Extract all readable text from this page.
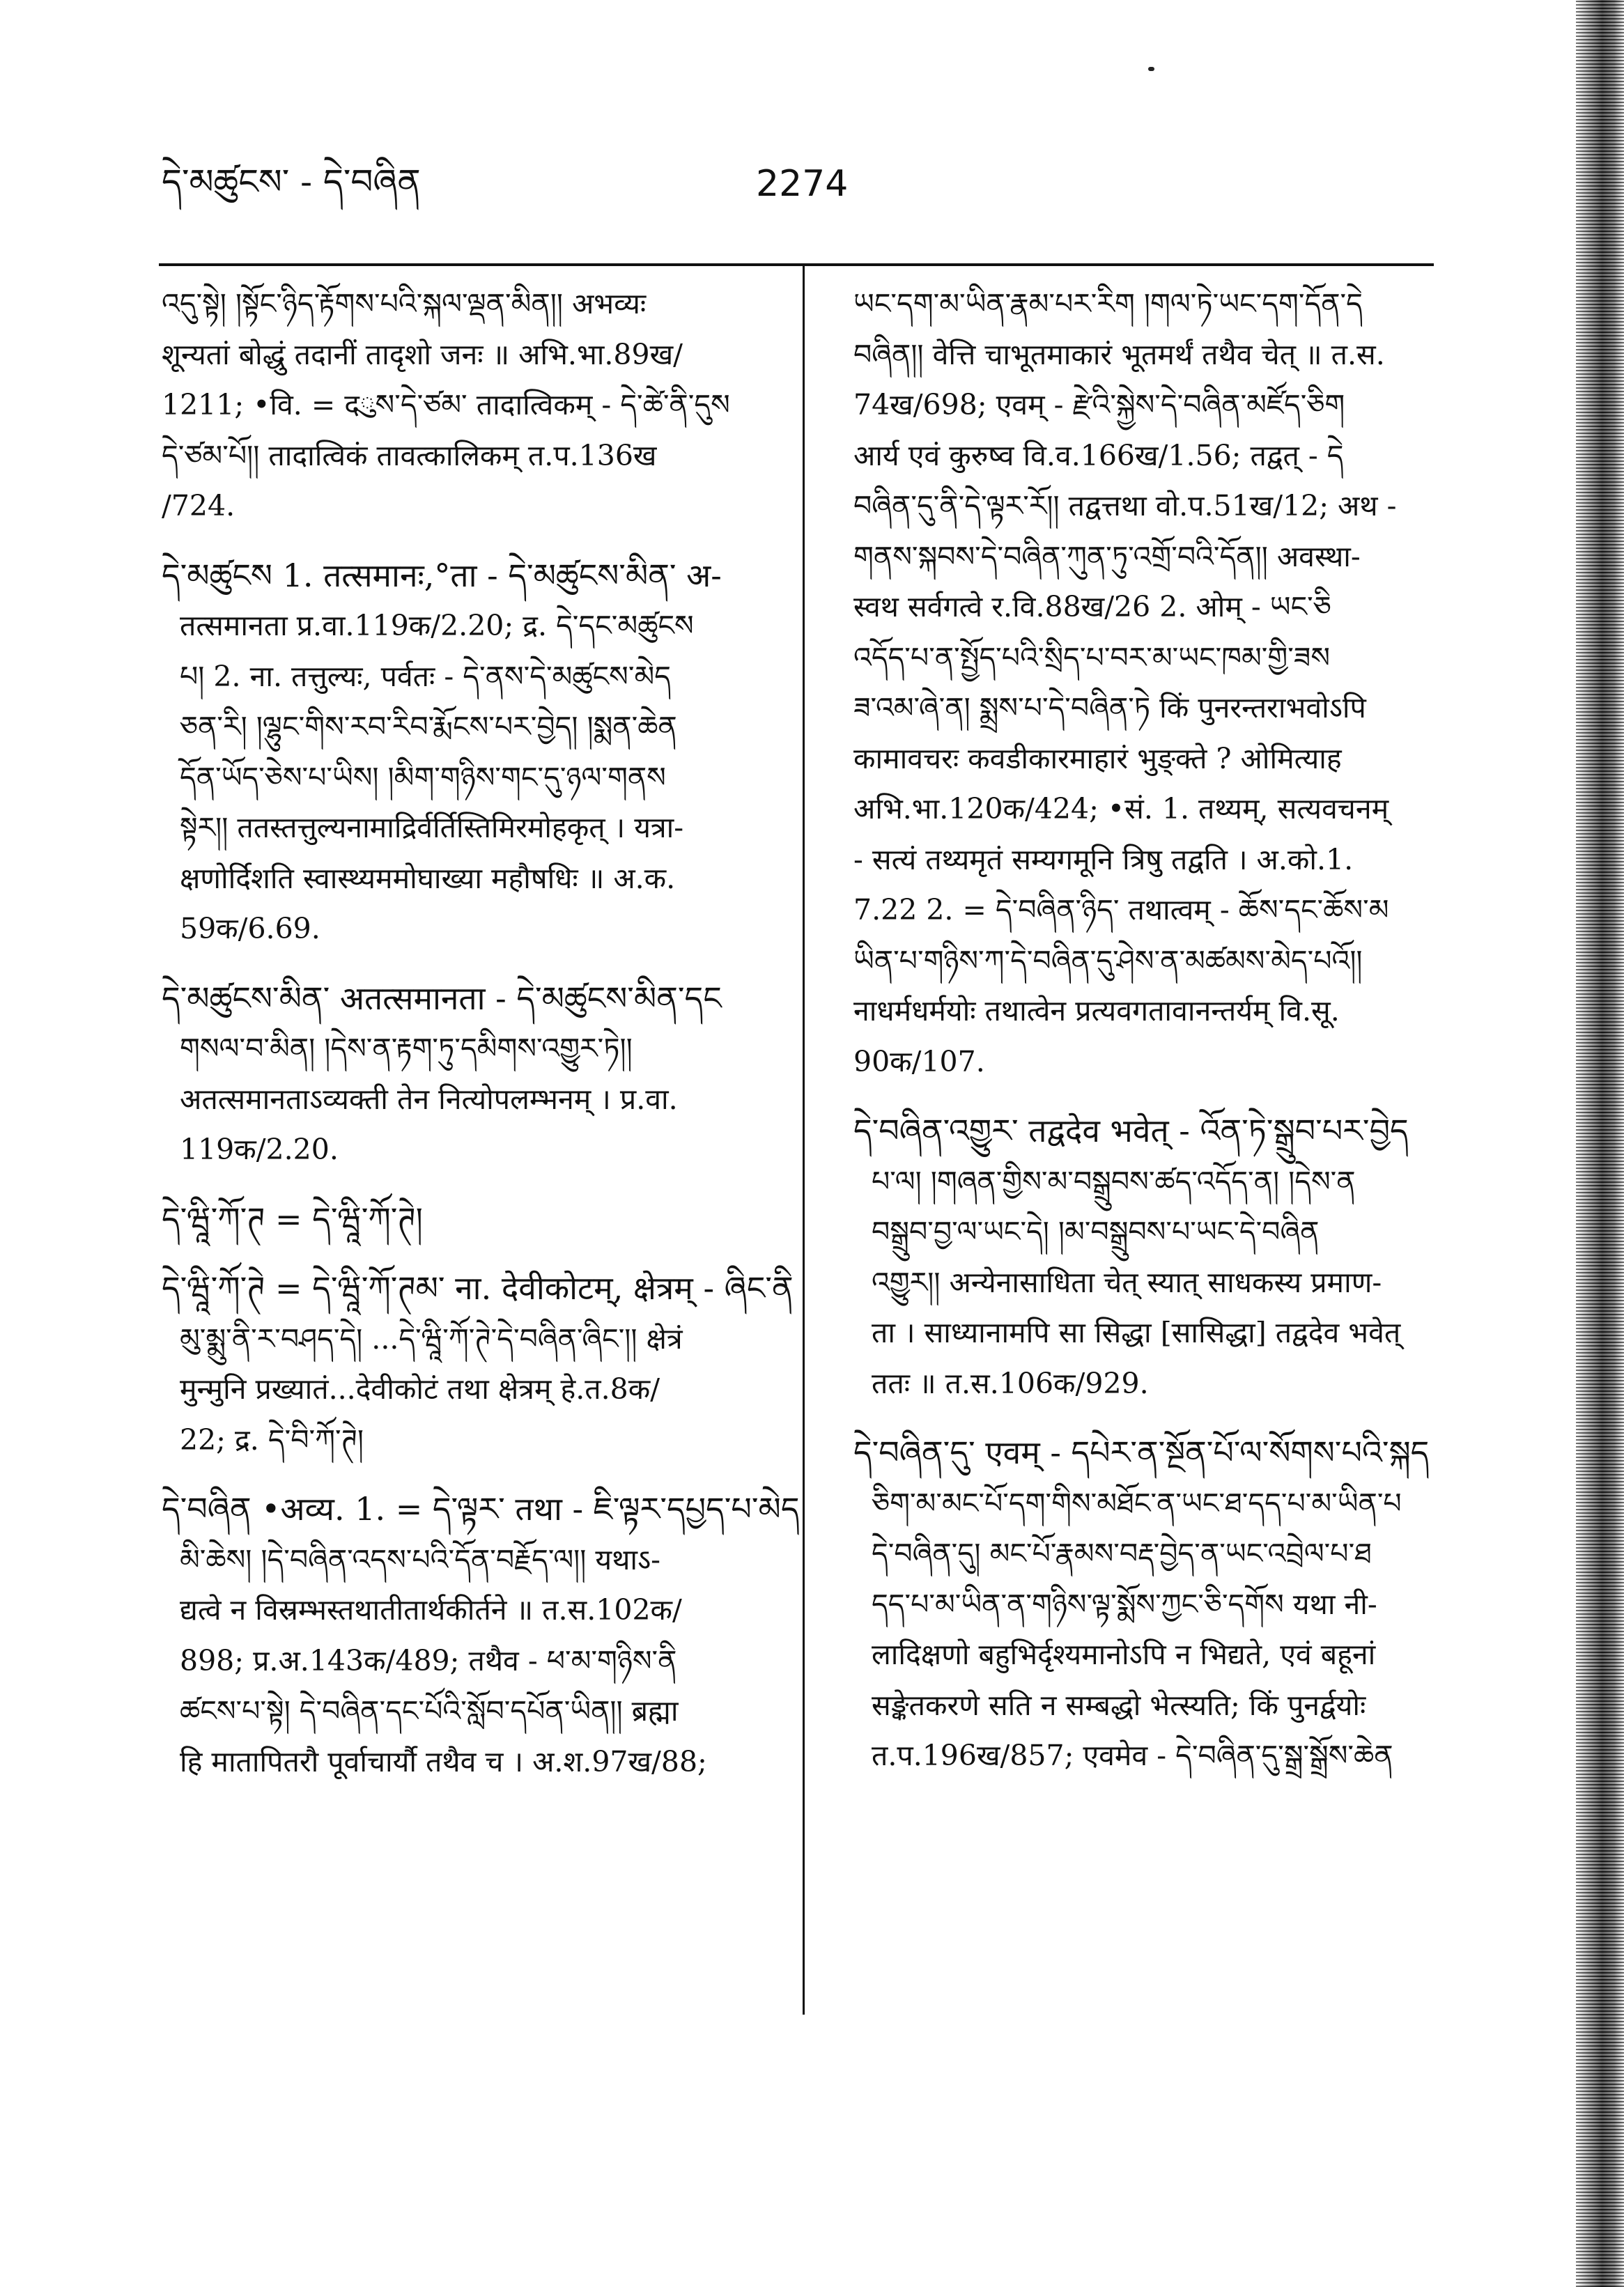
དེ་མཚུངས་ - དེ་བཞིན	2274
འདུ་སྟེ། །སྟོང་ཉིད་རྟོགས་པའི་སྐལ་ལྡན་མིན།། अभव्यः
शून्यतां बोद्धुं तदानीं तादृशो जनः ॥ अभि.भा.89ख/
1211; •वि. = दུས་དེ་ཙམ་ तादात्विकम् - དེ་ཚེ་ནི་དུས
དེ་ཙམ་པོ།། तादात्विकं तावत्कालिकम् त.प.136ख
/724.
དེ་མཚུངས 1. तत्समानः,°ता - དེ་མཚུངས་མིན་ अ-
तत्समानता प्र.वा.119क/2.20; द्र. དེ་དང་མཚུངས
པ། 2. ना. तत्तुल्यः, पर्वतः - དེ་ནས་དེ་མཚུངས་མེད
ཅན་རི། །ལྷུང་གིས་རབ་རིབ་རྨོངས་པར་བྱེད། །སྨན་ཆེན
དོན་ཡོད་ཅེས་པ་ཡིས། །མིག་གཉིས་གང་དུ་ཉལ་གནས
སྟེར།། ततस्तत्तुल्यनामाद्रिर्वर्तिस्तिमिरमोहकृत् । यत्रा-
क्षणोर्दिशति स्वास्थ्यममोघाख्या महौषधिः ॥ अ.क.
59क/6.69.
དེ་མཚུངས་མིན་ अतत्समानता - དེ་མཚུངས་མིན་དང
གསལ་བ་མིན། །དེས་ན་རྟག་ཏུ་དམིགས་འགྱུར་ཏེ།།
अतत्समानताऽव्यक्ती तेन नित्योपलम्भनम् । प्र.वा.
119क/2.20.
དེ་ཝཱི་ཀོ་ཊ = དེ་ཝཱི་ཀོ་ཊེ།
དེ་ཝཱི་ཀོ་ཊེ = དེ་ཝཱི་ཀོ་ཊམ་ ना. देवीकोटम्, क्षेत्रम् - ཞིང་ནི
མུ་མྨུ་ནི་ར་བཤད་དེ། ...དེ་ཝཱི་ཀོ་ཊེ་དེ་བཞིན་ཞིང་།། क्षेत्रं
मुन्मुनि प्रख्यातं...देवीकोटं तथा क्षेत्रम् हे.त.8क/
22; द्र. དེ་བི་ཀོ་ཊེ།
དེ་བཞིན •अव्य. 1. = དེ་ལྟར་ तथा - ཇི་ལྟར་དཔྱད་པ་མེད
མི་ཆེས། །དེ་བཞིན་འདས་པའི་དོན་བརྗོད་ལ།། यथाऽ-
द्यत्वे न विस्रम्भस्तथातीतार्थकीर्तने ॥ त.स.102क/
898; प्र.अ.143क/489; तथैव - ཕ་མ་གཉིས་ནི
ཚངས་པ་སྟེ། དེ་བཞིན་དང་པོའི་སློབ་དཔོན་ཡིན།། ब्रह्मा
हि मातापितरौ पूर्वाचार्यौ तथैव च । अ.श.97ख/88;
ཡང་དག་མ་ཡིན་རྣམ་པར་རིག །གལ་ཏེ་ཡང་དག་དོན་དེ
བཞིན།། वेत्ति चाभूतमाकारं भूतमर्थं तथैव चेत् ॥ त.स.
74ख/698; एवम् - རྫེའི་སྐྱེས་དེ་བཞིན་མཛོད་ཅིག
आर्य एवं कुरुष्व वि.व.166ख/1.56; तद्वत् - དེ
བཞིན་དུ་ནི་དེ་ལྟར་རོ།། तद्वत्तथा वो.प.51ख/12; अथ -
གནས་སྐབས་དེ་བཞིན་ཀུན་ཏུ་འགྲོ་བའི་དོན།། अवस्था-
स्वथ सर्वगत्वे र.वि.88ख/26 2. ओम् - ཡང་ཅི
འདོད་པ་ན་སྤྱོད་པའི་སྲིད་པ་བར་མ་ཡང་ཁམ་གྱི་ཟས
ཟ་འམ་ཞེ་ན། སྨྲས་པ་དེ་བཞིན་ཏེ किं पुनरन्तराभवोऽपि
कामावचरः कवडीकारमाहारं भुङ्क्ते ? ओमित्याह
अभि.भा.120क/424; •सं. 1. तथ्यम्, सत्यवचनम्
- सत्यं तथ्यमृतं सम्यगमूनि त्रिषु तद्वति । अ.को.1.
7.22 2. = དེ་བཞིན་ཉིད་ तथात्वम् - ཆོས་དང་ཆོས་མ
ཡིན་པ་གཉིས་ཀ་དེ་བཞིན་དུ་ཤེས་ན་མཚམས་མེད་པའོ།།
नाधर्मधर्मयोः तथात्वेन प्रत्यवगतावानन्तर्यम् वि.सू.
90क/107.
དེ་བཞིན་འགྱུར་ तद्वदेव भवेत् - འོན་ཏེ་སྒྲུབ་པར་བྱེད
པ་ལ། །གཞན་གྱིས་མ་བསྒྲུབས་ཚད་འདོད་ན། །དེས་ན
བསྒྲུབ་བྱ་ལ་ཡང་དེ། །མ་བསྒྲུབས་པ་ཡང་དེ་བཞིན
འགྱུར།། अन्येनासाधिता चेत् स्यात् साधकस्य प्रमाण-
ता । साध्यानामपि सा सिद्धा [सासिद्धा] तद्वदेव भवेत्
ततः ॥ त.स.106क/929.
དེ་བཞིན་དུ་ एवम् - དཔེར་ན་སྔོན་པོ་ལ་སོགས་པའི་སྐད
ཅིག་མ་མང་པོ་དག་གིས་མཐོང་ན་ཡང་ཐ་དད་པ་མ་ཡིན་པ
དེ་བཞིན་དུ། མང་པོ་རྣམས་བརྡ་བྱེད་ན་ཡང་འབྲེལ་པ་ཐ
དད་པ་མ་ཡིན་ན་གཉིས་ལྟ་སྨོས་ཀྱང་ཅི་དགོས यथा नी-
लादिक्षणो बहुभिर्दृश्यमानोऽपि न भिद्यते, एवं बहूनां
सङ्केतकरणे सति न सम्बद्धो भेत्स्यति; किं पुनर्द्वयोः
त.प.196ख/857; एवमेव - དེ་བཞིན་དུ་སྒྲ་སྒྲོས་ཆེན
